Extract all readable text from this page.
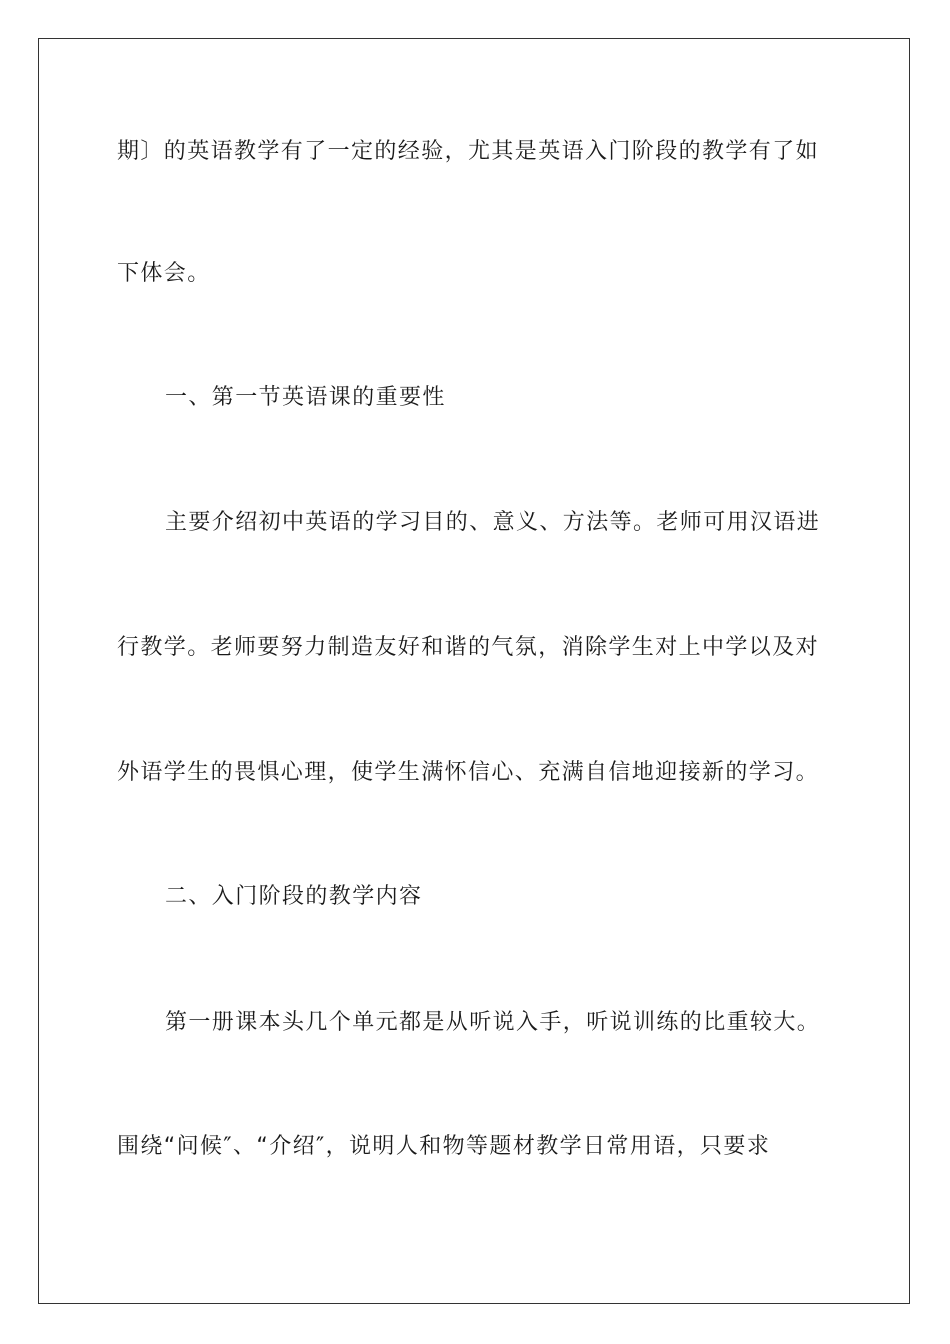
期〕的英语教学有了一定的经验，尤其是英语入门阶段的教学有了如
下体会。
一、第一节英语课的重要性
主要介绍初中英语的学习目的、意义、方法等。老师可用汉语进
行教学。老师要努力制造友好和谐的气氛，消除学生对上中学以及对
外语学生的畏惧心理，使学生满怀信心、充满自信地迎接新的学习。
二、入门阶段的教学内容
第一册课本头几个单元都是从听说入手，听说训练的比重较大。
围绕“问候″、“介绍″，说明人和物等题材教学日常用语，只要求
